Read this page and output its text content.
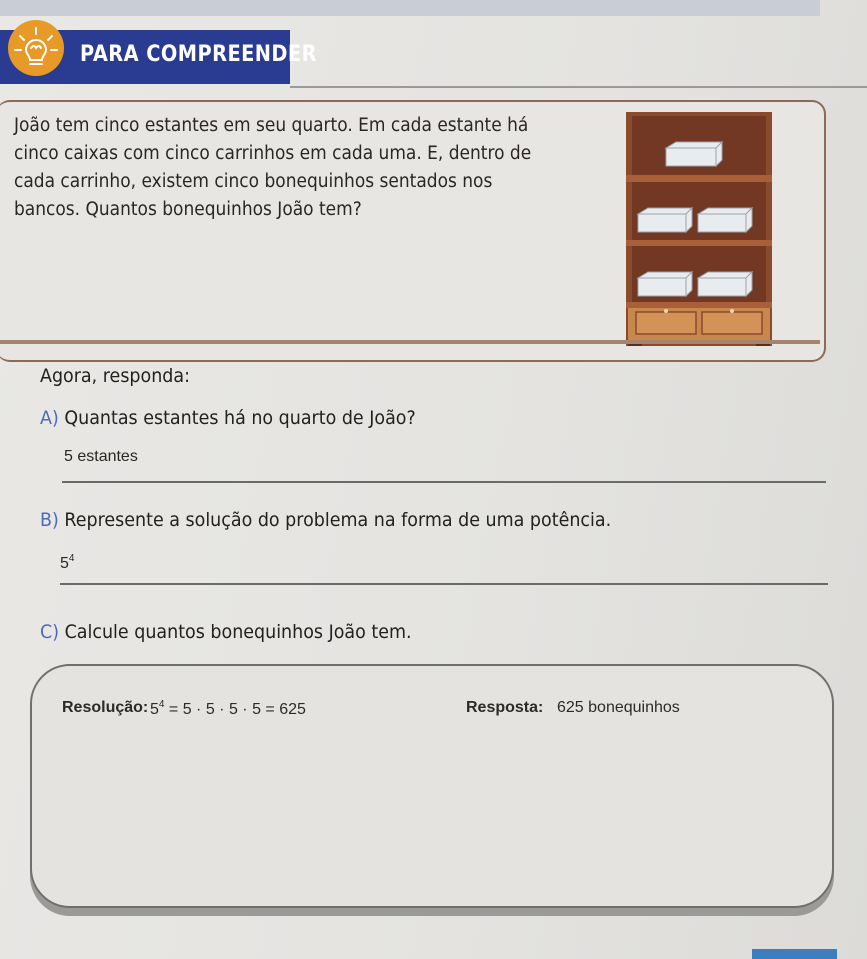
PARA COMPREENDER

João tem cinco estantes em seu quarto. Em cada estante há cinco caixas com cinco carrinhos em cada uma. E, dentro de cada carrinho, existem cinco bonequinhos sentados nos bancos. Quantos bonequinhos João tem?

Agora, responda:
A) Quantas estantes há no quarto de João?
5 estantes
B) Represente a solução do problema na forma de uma potência.
$5^4$
C) Calcule quantos bonequinhos João tem.
Resolução: $5^4 = 5 \cdot 5 \cdot 5 \cdot 5 = 625$	Resposta: 625 bonequinhos
